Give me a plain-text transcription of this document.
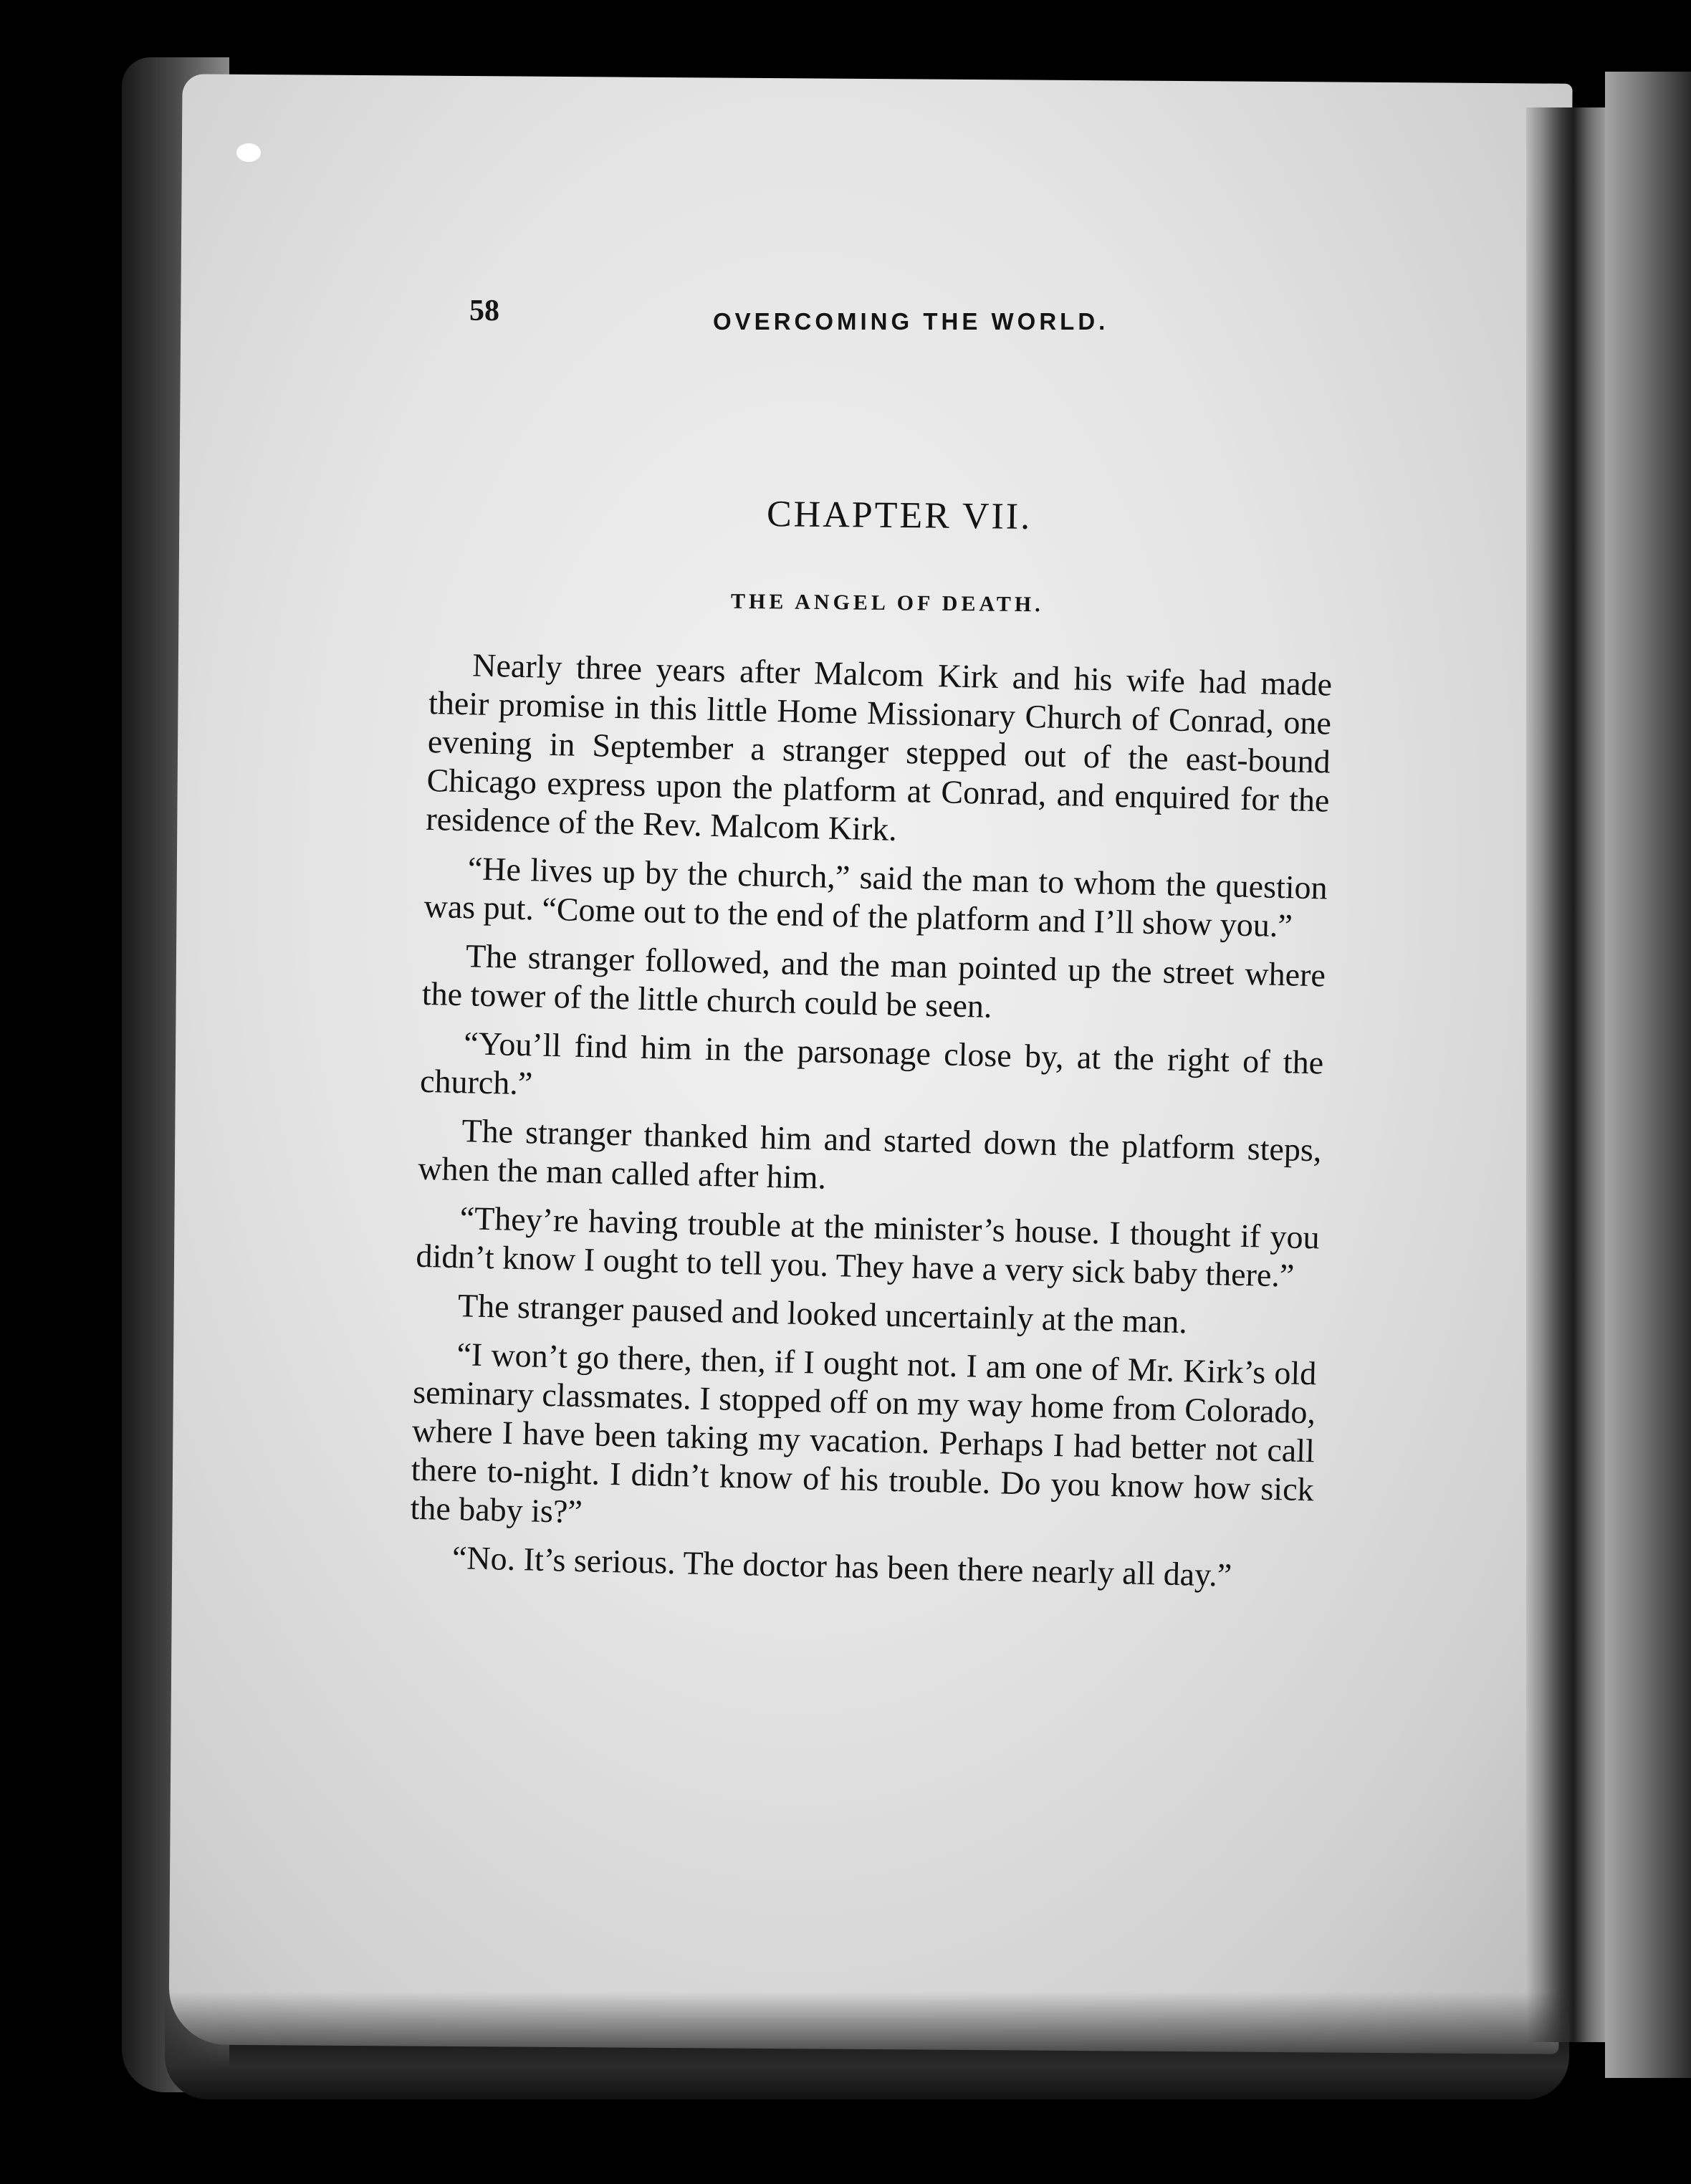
58	OVERCOMING THE WORLD.
CHAPTER VII.
THE ANGEL OF DEATH.

Nearly three years after Malcom Kirk and his wife had made their promise in this little Home Missionary Church of Conrad, one evening in September a stranger stepped out of the east-bound Chicago express upon the platform at Conrad, and enquired for the residence of the Rev. Malcom Kirk.

“He lives up by the church,” said the man to whom the question was put. “Come out to the end of the platform and I’ll show you.”

The stranger followed, and the man pointed up the street where the tower of the little church could be seen.

“You’ll find him in the parsonage close by, at the right of the church.”

The stranger thanked him and started down the platform steps, when the man called after him.

“They’re having trouble at the minister’s house. I thought if you didn’t know I ought to tell you. They have a very sick baby there.”

The stranger paused and looked uncertainly at the man.

“I won’t go there, then, if I ought not. I am one of Mr. Kirk’s old seminary classmates. I stopped off on my way home from Colorado, where I have been taking my vacation. Perhaps I had better not call there to-night. I didn’t know of his trouble. Do you know how sick the baby is?”

“No. It’s serious. The doctor has been there nearly all day.”
